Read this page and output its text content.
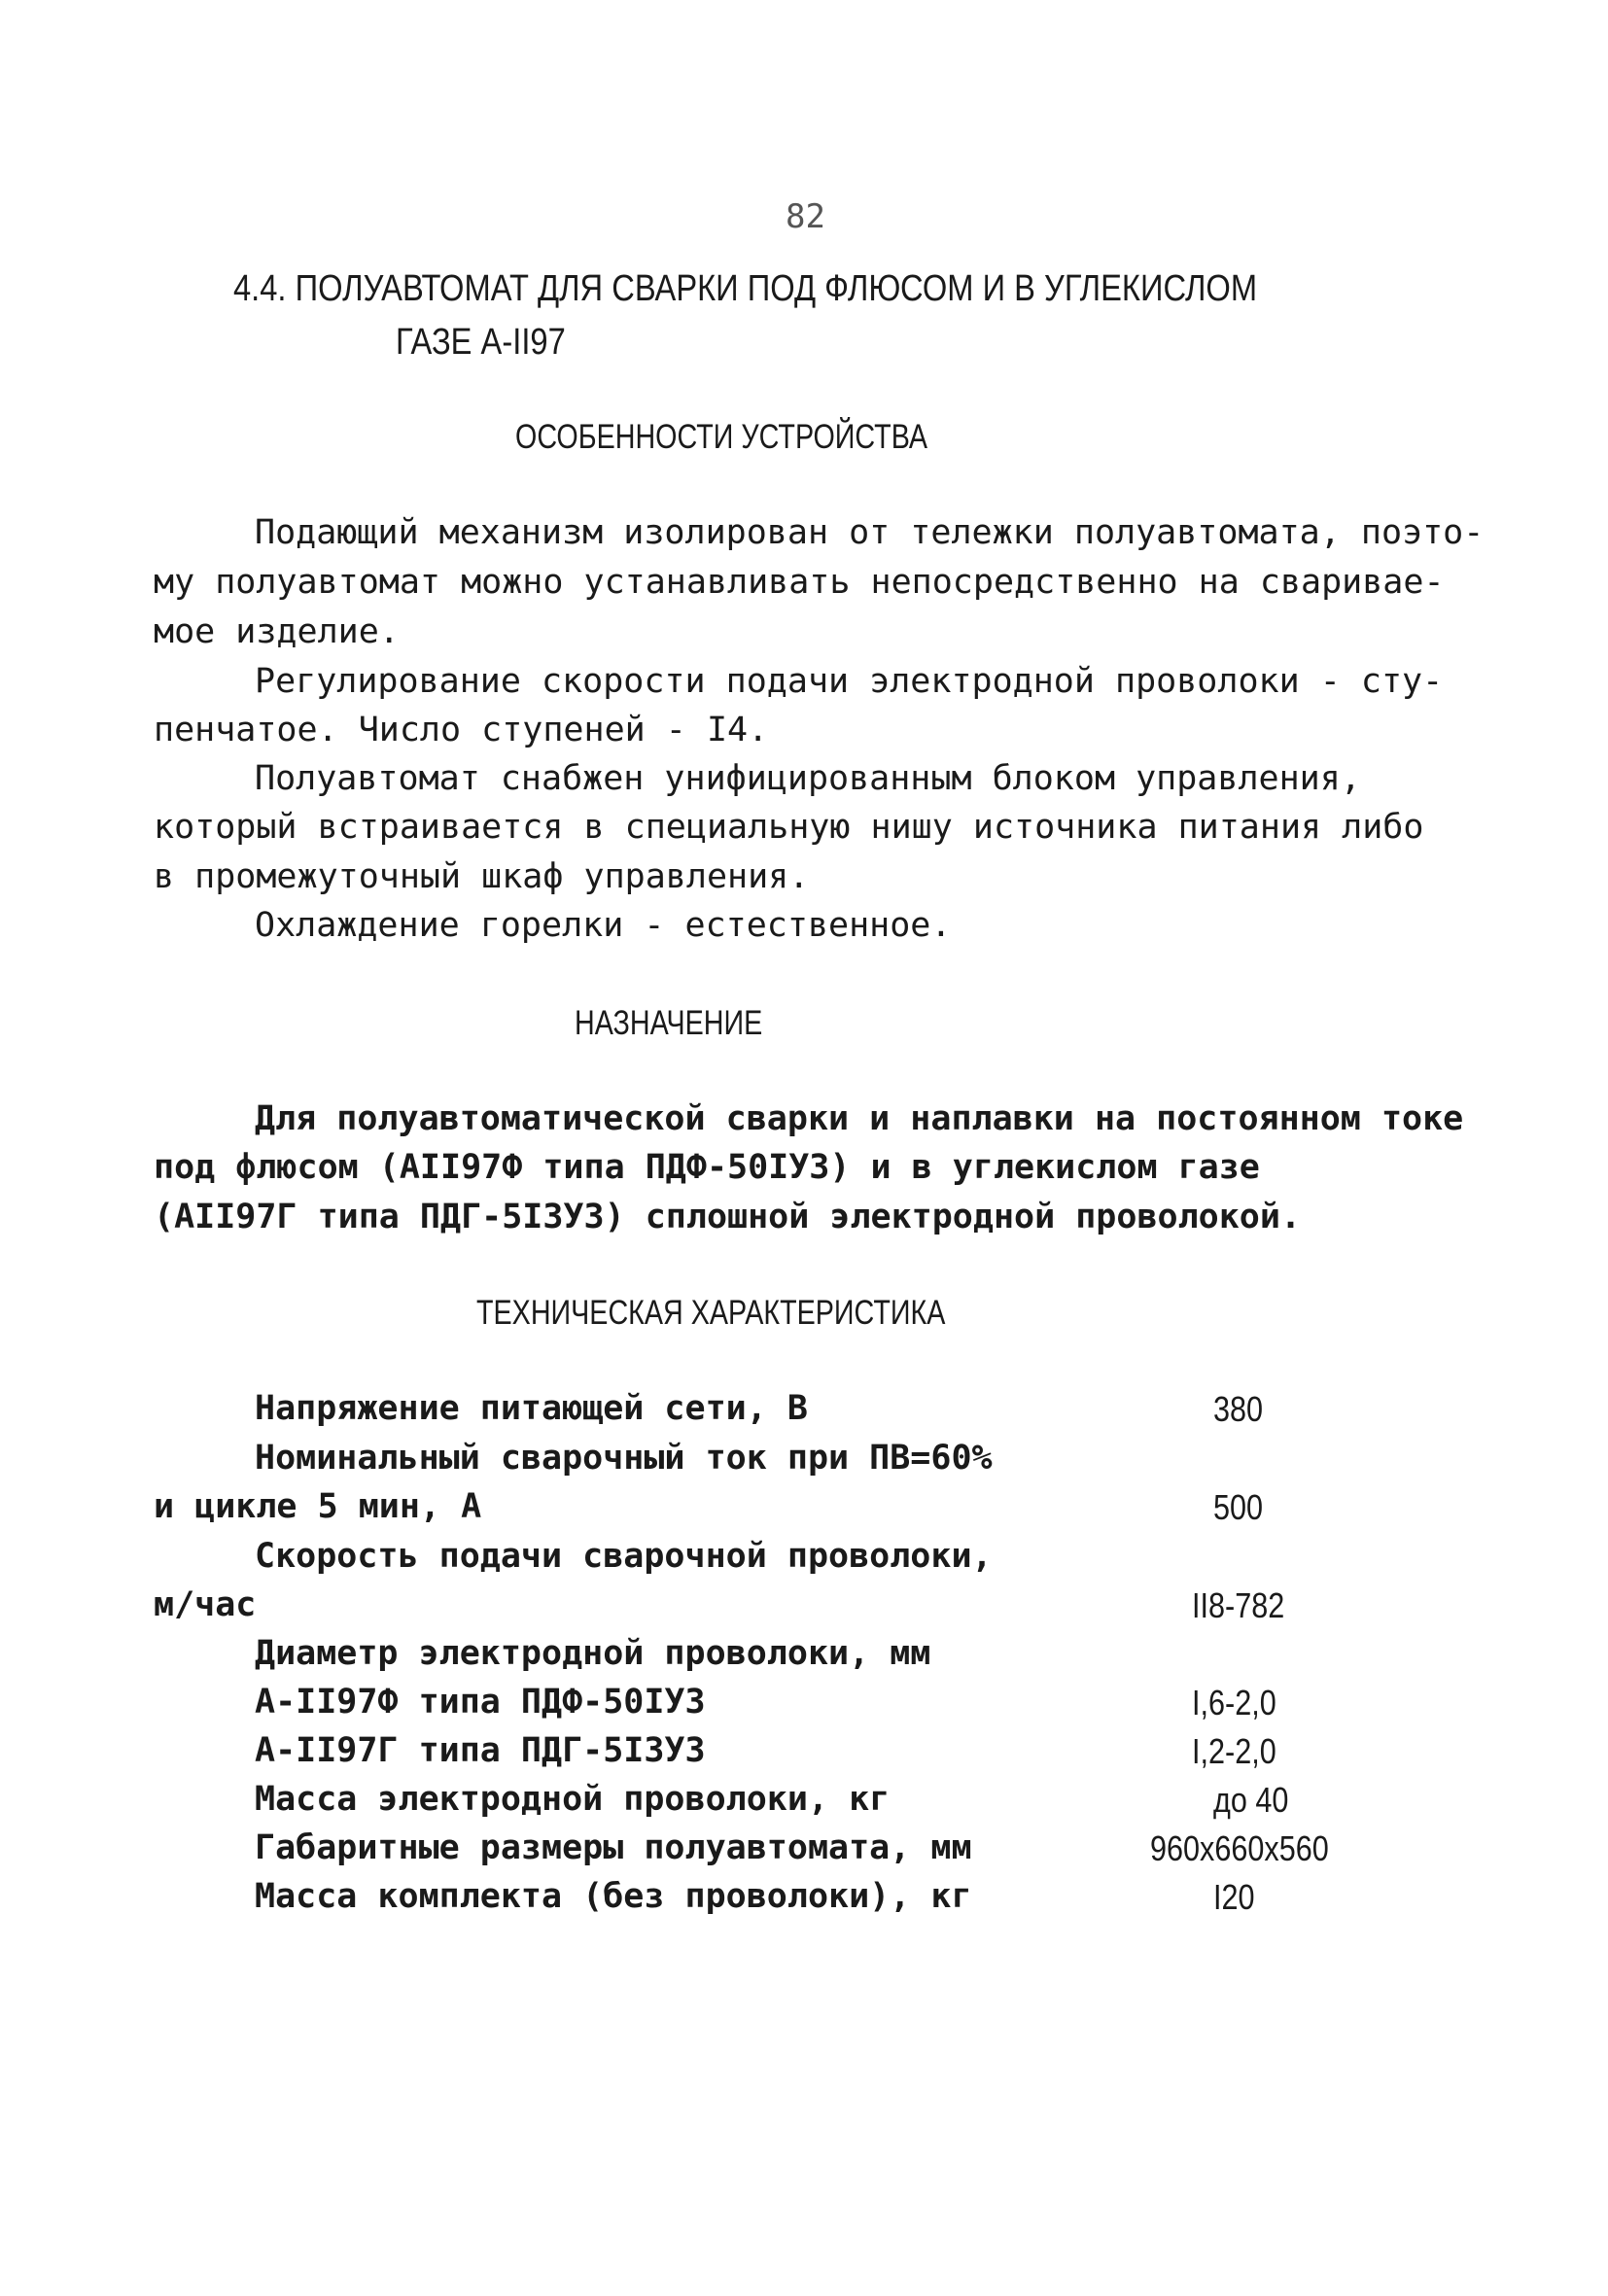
82
4.4. ПОЛУАВТОМАТ ДЛЯ СВАРКИ ПОД ФЛЮСОМ И В УГЛЕКИСЛОМ
ГАЗЕ А-II97
ОСОБЕННОСТИ УСТРОЙСТВА
Подающий механизм изолирован от тележки полуавтомата, поэто-
му полуавтомат можно устанавливать непосредственно на сваривае-
мое изделие.
Регулирование скорости подачи электродной проволоки - сту-
пенчатое. Число ступеней - I4.
Полуавтомат снабжен унифицированным блоком управления,
который встраивается в специальную нишу источника питания либо
в промежуточный шкаф управления.
Охлаждение горелки - естественное.
НАЗНАЧЕНИЕ
Для полуавтоматической сварки и наплавки на постоянном токе
под флюсом (АII97Ф типа ПДФ-50IУЗ) и в углекислом газе
(АII97Г типа ПДГ-5I3УЗ) сплошной электродной проволокой.
ТЕХНИЧЕСКАЯ ХАРАКТЕРИСТИКА
Напряжение питающей сети, В	380
Номинальный сварочный ток при ПВ=60%
и цикле 5 мин, А	500
Скорость подачи сварочной проволоки,
м/час	II8-782
Диаметр электродной проволоки, мм
А-II97Ф типа ПДФ-50IУЗ	I,6-2,0
А-II97Г типа ПДГ-5I3УЗ	I,2-2,0
Масса электродной проволоки, кг	до 40
Габаритные размеры полуавтомата, мм	960х660х560
Масса комплекта (без проволоки), кг	I20
